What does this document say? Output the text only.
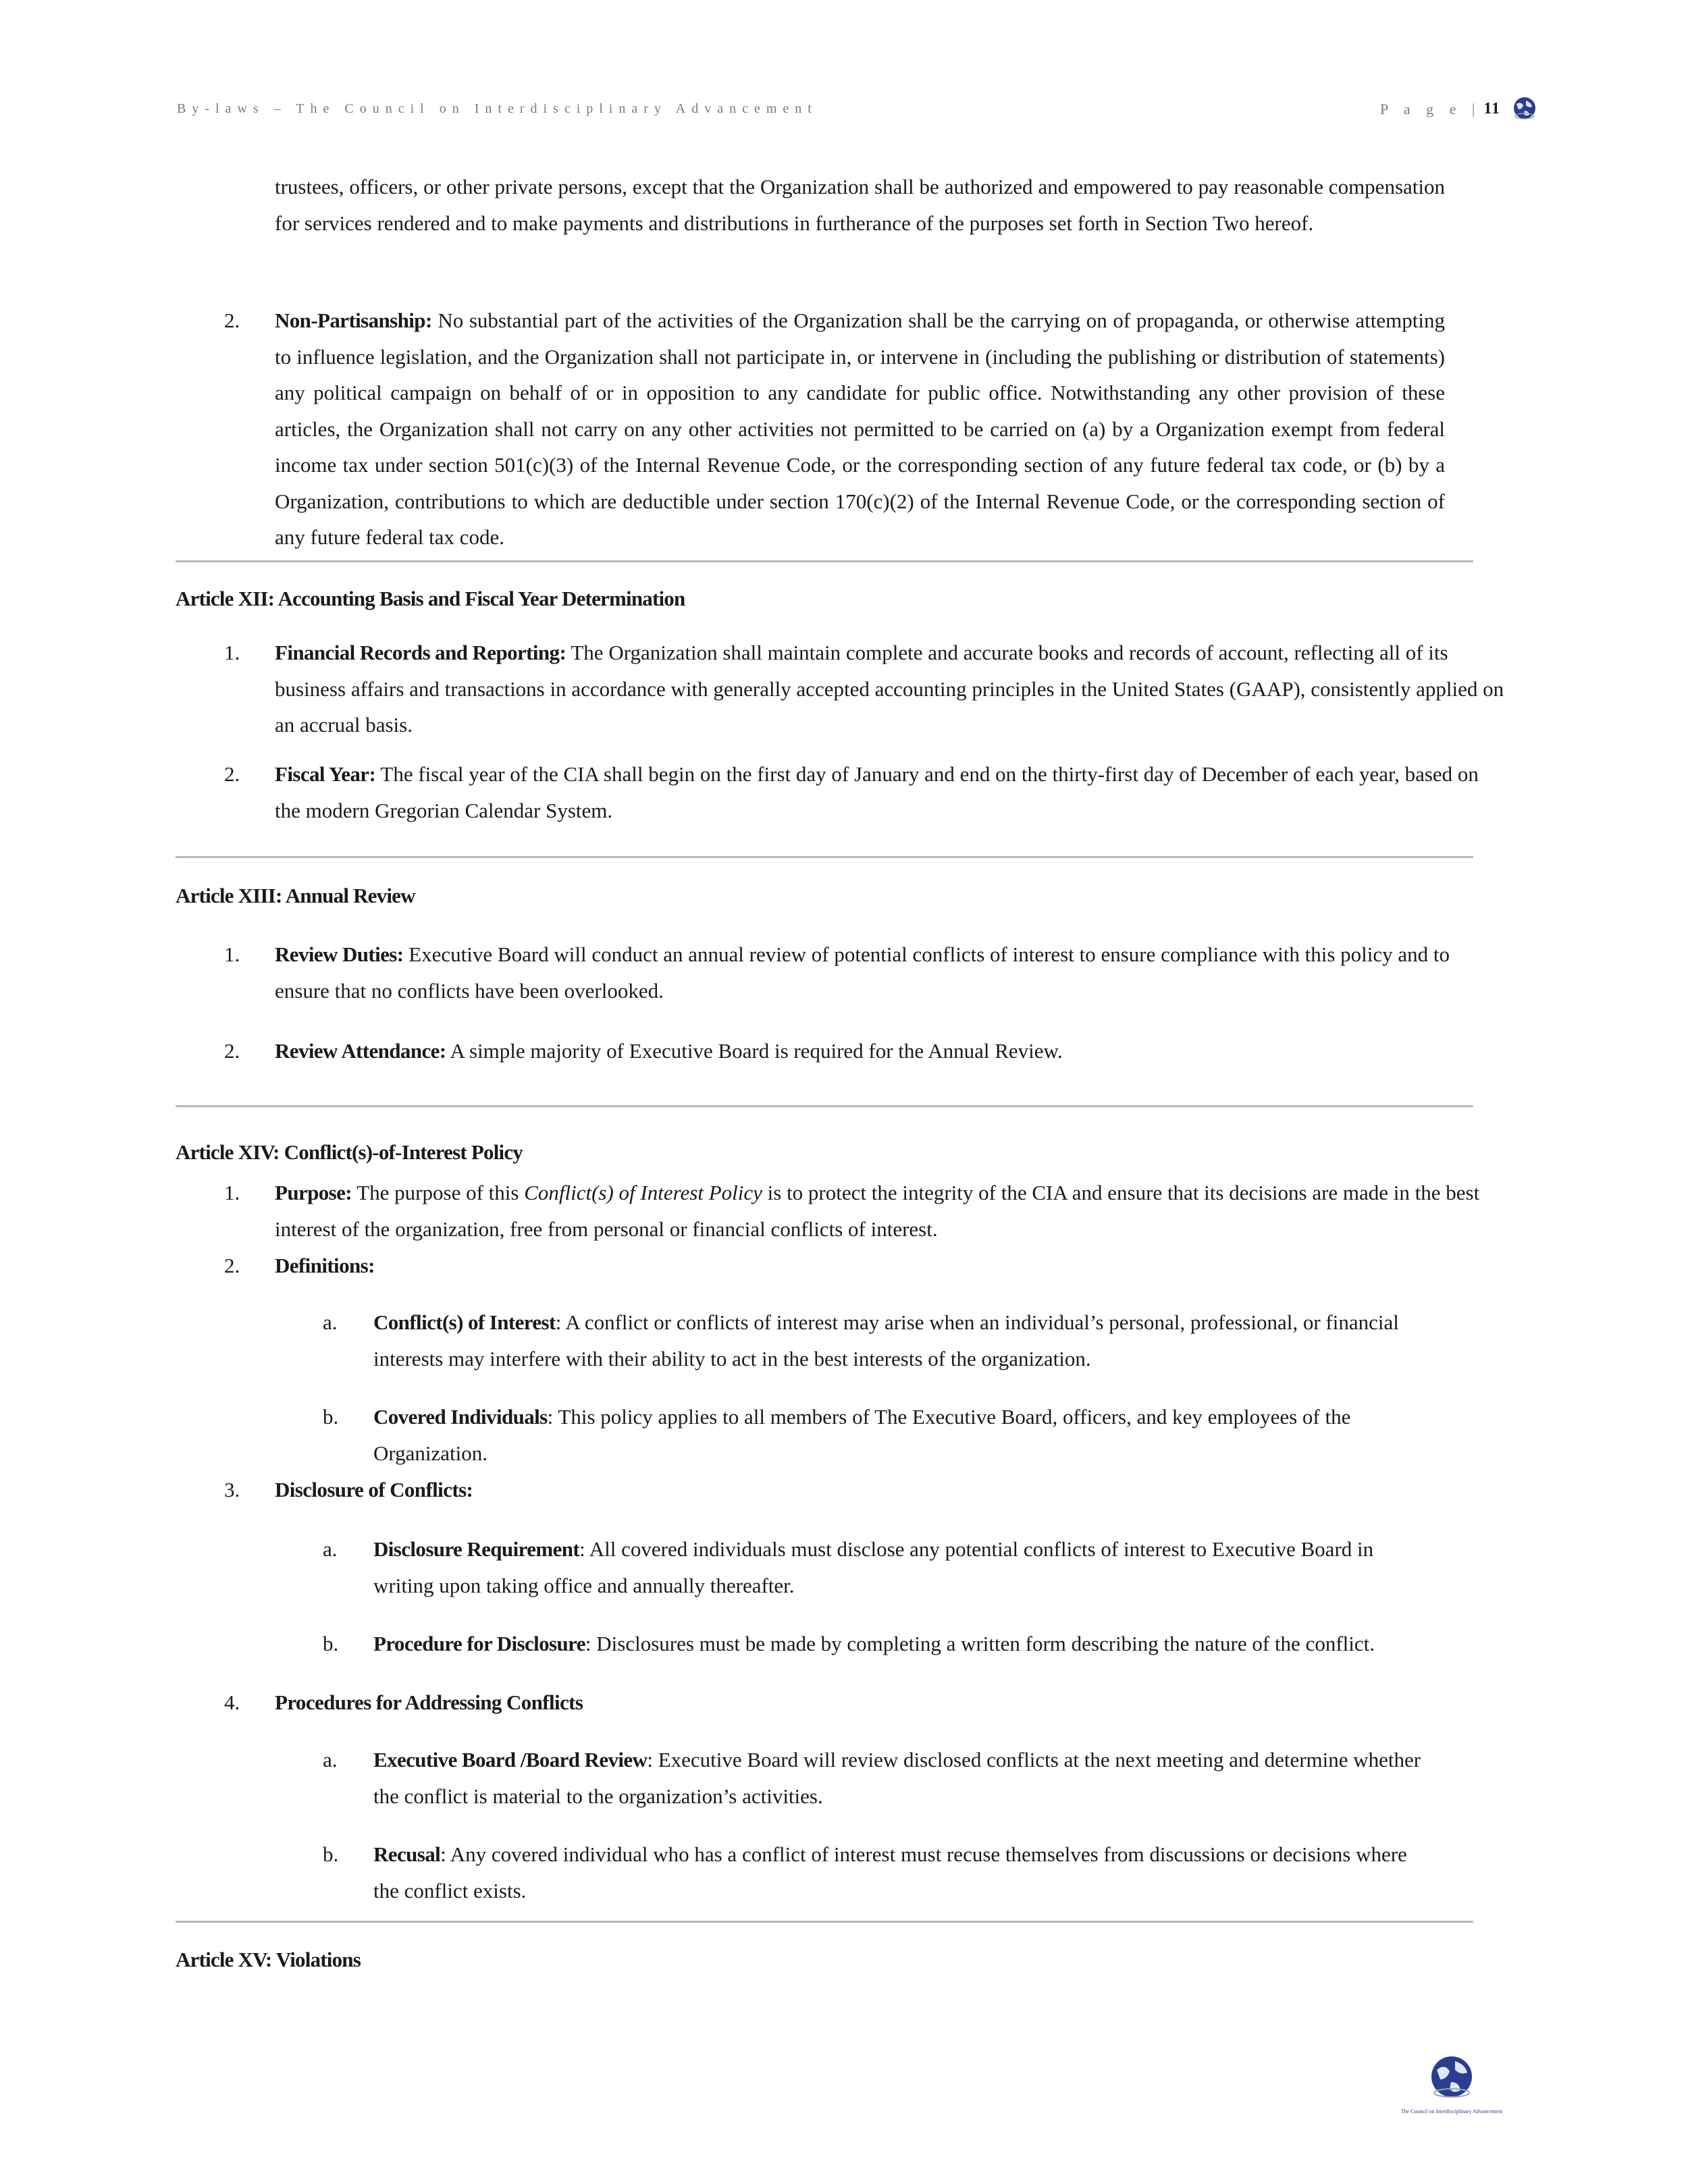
By-laws – The Council on Interdisciplinary Advancement	P a g e | 11

trustees, officers, or other private persons, except that the Organization shall be authorized and empowered to pay reasonable compensation for services rendered and to make payments and distributions in furtherance of the purposes set forth in Section Two hereof.

2. Non-Partisanship: No substantial part of the activities of the Organization shall be the carrying on of propaganda, or otherwise attempting to influence legislation, and the Organization shall not participate in, or intervene in (including the publishing or distribution of statements) any political campaign on behalf of or in opposition to any candidate for public office. Notwithstanding any other provision of these articles, the Organization shall not carry on any other activities not permitted to be carried on (a) by a Organization exempt from federal income tax under section 501(c)(3) of the Internal Revenue Code, or the corresponding section of any future federal tax code, or (b) by a Organization, contributions to which are deductible under section 170(c)(2) of the Internal Revenue Code, or the corresponding section of any future federal tax code.

Article XII: Accounting Basis and Fiscal Year Determination
1. Financial Records and Reporting: The Organization shall maintain complete and accurate books and records of account, reflecting all of its business affairs and transactions in accordance with generally accepted accounting principles in the United States (GAAP), consistently applied on an accrual basis.

2. Fiscal Year: The fiscal year of the CIA shall begin on the first day of January and end on the thirty-first day of December of each year, based on the modern Gregorian Calendar System.

Article XIII: Annual Review
1. Review Duties: Executive Board will conduct an annual review of potential conflicts of interest to ensure compliance with this policy and to ensure that no conflicts have been overlooked.

2. Review Attendance: A simple majority of Executive Board is required for the Annual Review.

Article XIV: Conflict(s)-of-Interest Policy
1. Purpose: The purpose of this Conflict(s) of Interest Policy is to protect the integrity of the CIA and ensure that its decisions are made in the best interest of the organization, free from personal or financial conflicts of interest.

2. Definitions:

a. Conflict(s) of Interest: A conflict or conflicts of interest may arise when an individual’s personal, professional, or financial interests may interfere with their ability to act in the best interests of the organization.

b. Covered Individuals: This policy applies to all members of The Executive Board, officers, and key employees of the Organization.

3. Disclosure of Conflicts:

a. Disclosure Requirement: All covered individuals must disclose any potential conflicts of interest to Executive Board in writing upon taking office and annually thereafter.

b. Procedure for Disclosure: Disclosures must be made by completing a written form describing the nature of the conflict.

4. Procedures for Addressing Conflicts

a. Executive Board /Board Review: Executive Board will review disclosed conflicts at the next meeting and determine whether the conflict is material to the organization’s activities.

b. Recusal: Any covered individual who has a conflict of interest must recuse themselves from discussions or decisions where the conflict exists.

Article XV: Violations
The Council on Interdisciplinary Advancement
